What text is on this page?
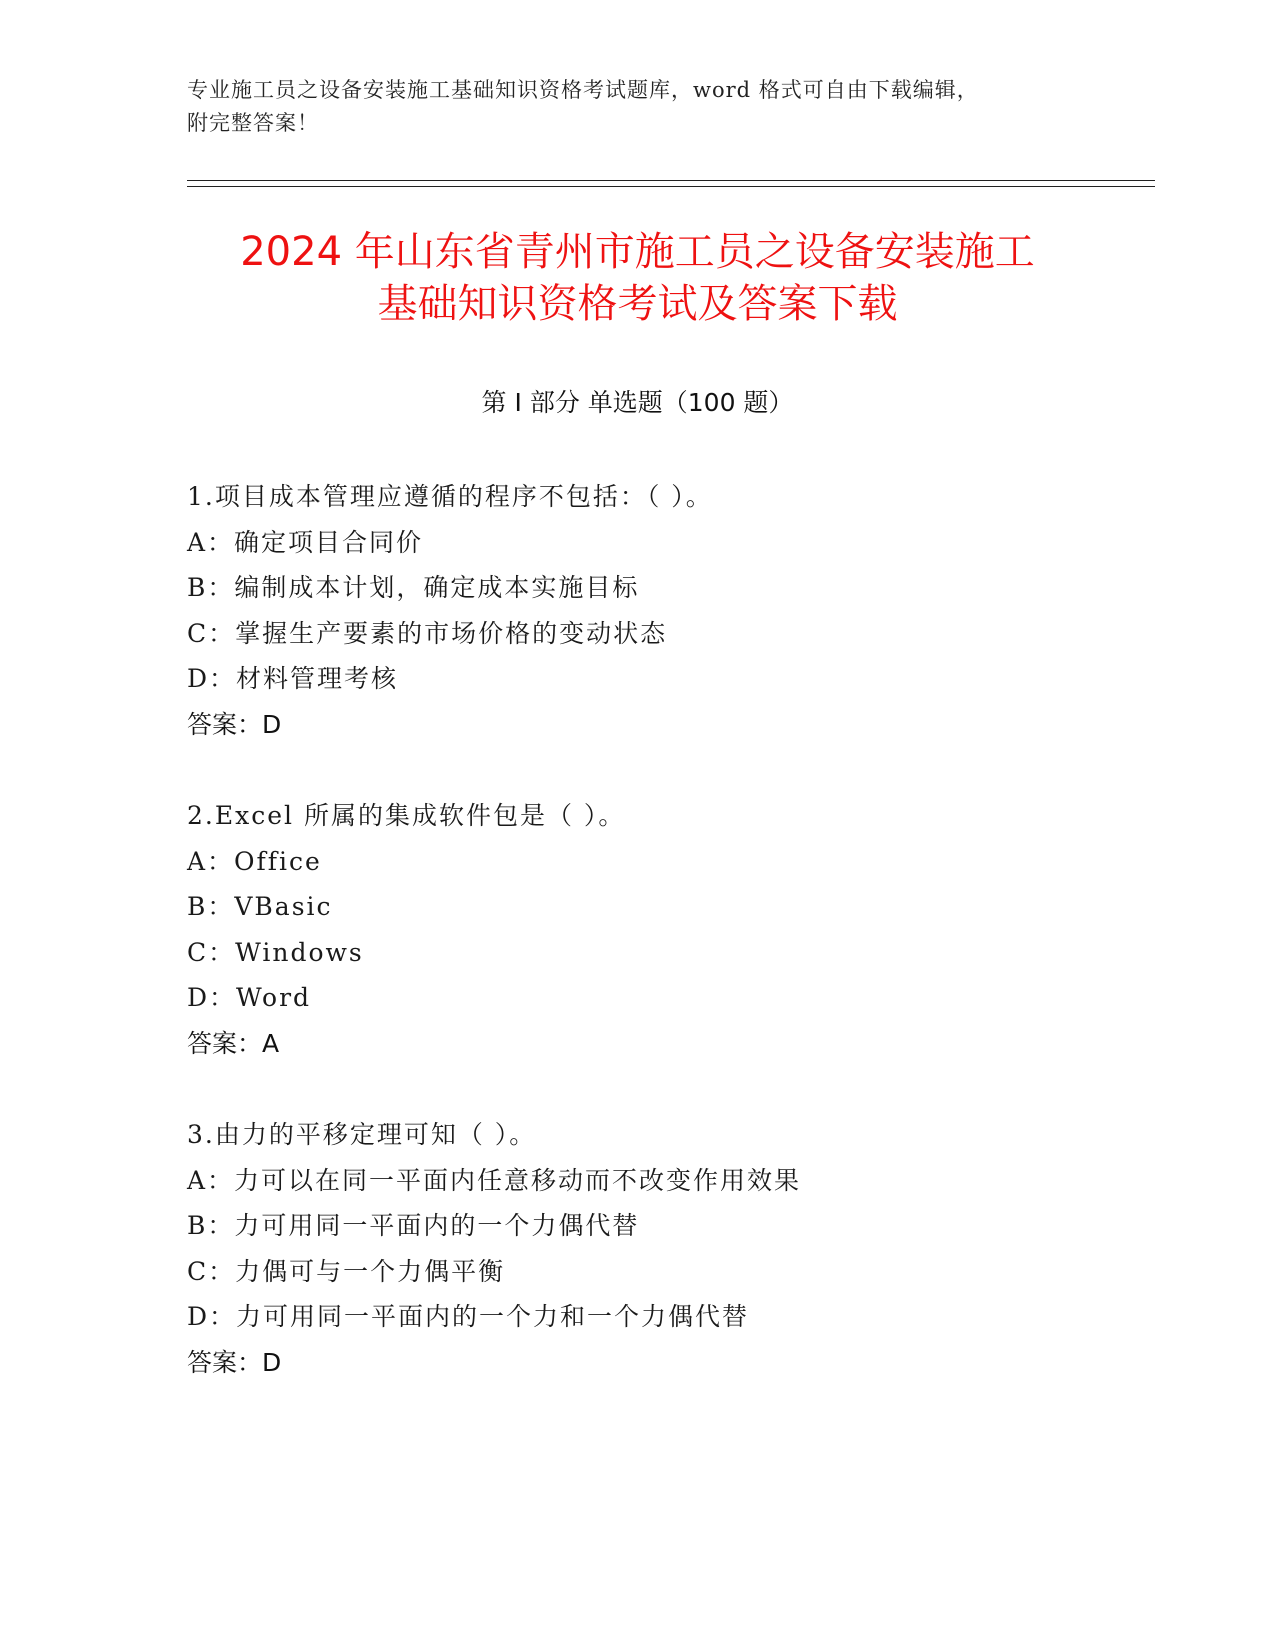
专业施工员之设备安装施工基础知识资格考试题库，word 格式可自由下载编辑，
附完整答案！
2024 年山东省青州市施工员之设备安装施工
基础知识资格考试及答案下载
第 I 部分 单选题（100 题）
1.项目成本管理应遵循的程序不包括：（ ）。
A：确定项目合同价
B：编制成本计划，确定成本实施目标
C：掌握生产要素的市场价格的变动状态
D：材料管理考核
答案：D
2.Excel 所属的集成软件包是（ ）。
A：Office
B：VBasic
C：Windows
D：Word
答案：A
3.由力的平移定理可知（ ）。
A：力可以在同一平面内任意移动而不改变作用效果
B：力可用同一平面内的一个力偶代替
C：力偶可与一个力偶平衡
D：力可用同一平面内的一个力和一个力偶代替
答案：D
